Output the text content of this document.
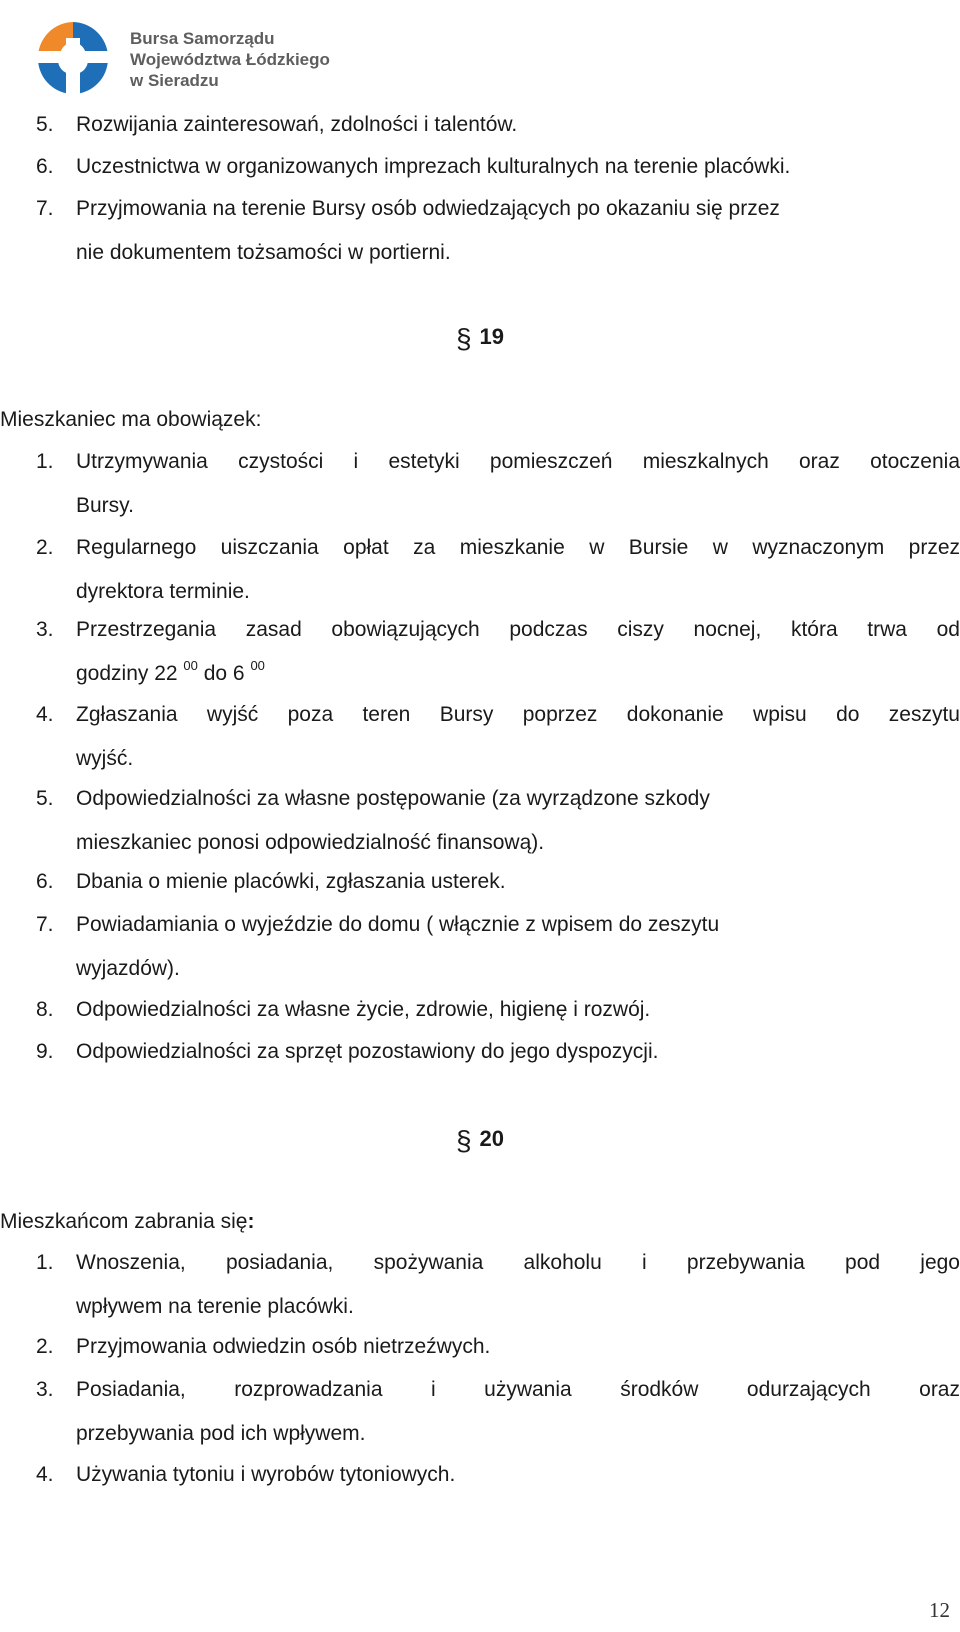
Bursa Samorządu
Województwa Łódzkiego
w Sieradzu
5. Rozwijania zainteresowań, zdolności i talentów.
6. Uczestnictwa w organizowanych imprezach kulturalnych na terenie placówki.
7. Przyjmowania na terenie Bursy osób odwiedzających po okazaniu się przez
nie dokumentem tożsamości w portierni.
§ 19
Mieszkaniec ma obowiązek:
1. Utrzymywania czystości i estetyki pomieszczeń mieszkalnych oraz otoczenia
Bursy.
2. Regularnego uiszczania opłat za mieszkanie w Bursie w wyznaczonym przez
dyrektora terminie.
3. Przestrzegania zasad obowiązujących podczas ciszy nocnej, która trwa od
godziny 22 $^{00}$ do 6 $^{00}$
4. Zgłaszania wyjść poza teren Bursy poprzez dokonanie wpisu do zeszytu
wyjść.
5. Odpowiedzialności za własne postępowanie (za wyrządzone szkody
mieszkaniec ponosi odpowiedzialność finansową).
6. Dbania o mienie placówki, zgłaszania usterek.
7. Powiadamiania o wyjeździe do domu ( włącznie z wpisem do zeszytu
wyjazdów).
8. Odpowiedzialności za własne życie, zdrowie, higienę i rozwój.
9. Odpowiedzialności za sprzęt pozostawiony do jego dyspozycji.
§ 20
Mieszkańcom zabrania się:
1. Wnoszenia, posiadania, spożywania alkoholu i przebywania pod jego
wpływem na terenie placówki.
2. Przyjmowania odwiedzin osób nietrzeźwych.
3. Posiadania, rozprowadzania i używania środków odurzających oraz
przebywania pod ich wpływem.
4. Używania tytoniu i wyrobów tytoniowych.
12
